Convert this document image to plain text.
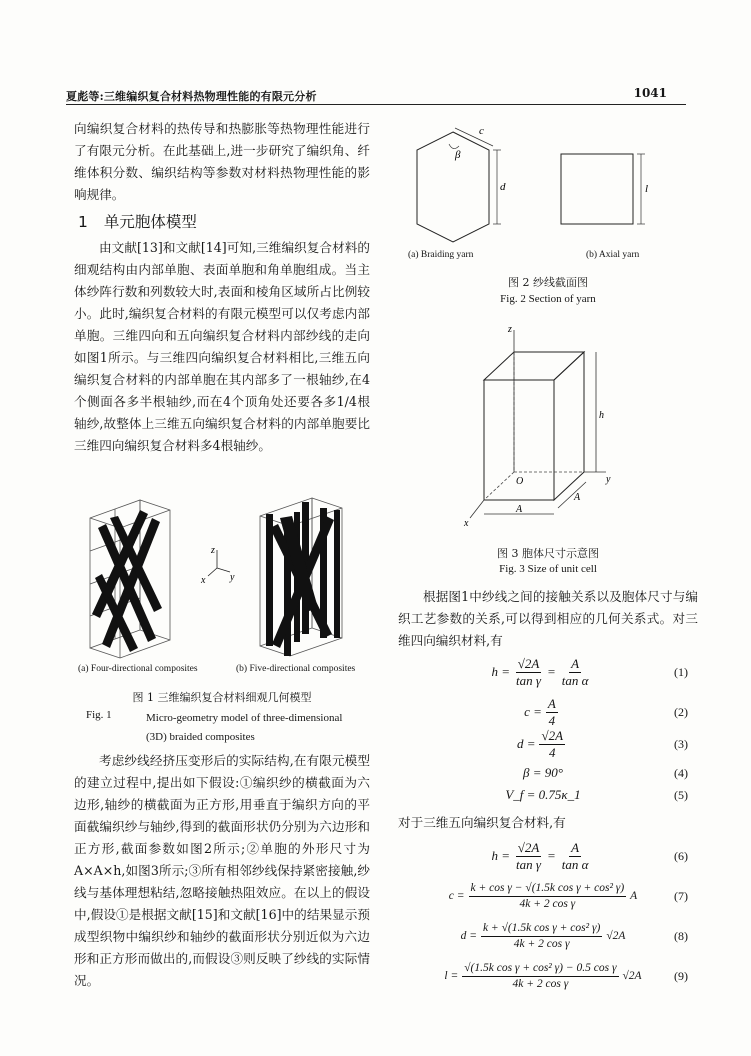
夏彪等:三维编织复合材料热物理性能的有限元分析	1041

向编织复合材料的热传导和热膨胀等热物理性能进行了有限元分析。在此基础上,进一步研究了编织角、纤维体积分数、编织结构等参数对材料热物理性能的影响规律。

1 单元胞体模型

由文献[13]和文献[14]可知,三维编织复合材料的细观结构由内部单胞、表面单胞和角单胞组成。当主体纱阵行数和列数较大时,表面和棱角区域所占比例较小。此时,编织复合材料的有限元模型可以仅考虑内部单胞。三维四向和五向编织复合材料内部纱线的走向如图1所示。与三维四向编织复合材料相比,三维五向编织复合材料的内部单胞在其内部多了一根轴纱,在4个侧面各多半根轴纱,而在4个顶角处还要各多1/4根轴纱,故整体上三维五向编织复合材料的内部单胞要比三维四向编织复合材料多4根轴纱。

z
x y
(a) Four-directional composites	(b) Five-directional composites
图 1 三维编织复合材料细观几何模型
Fig. 1	Micro-geometry model of three-dimensional (3D) braided composites

考虑纱线经挤压变形后的实际结构,在有限元模型的建立过程中,提出如下假设:①编织纱的横截面为六边形,轴纱的横截面为正方形,用垂直于编织方向的平面截编织纱与轴纱,得到的截面形状仍分别为六边形和正方形,截面参数如图2所示;②单胞的外形尺寸为A×A×h,如图3所示;③所有相邻纱线保持紧密接触,纱线与基体理想粘结,忽略接触热阻效应。在以上的假设中,假设①是根据文献[15]和文献[16]中的结果显示预成型织物中编织纱和轴纱的截面形状分别近似为六边形和正方形而做出的,而假设③则反映了纱线的实际情况。

c
β
d	l
(a) Braiding yarn	(b) Axial yarn
图 2 纱线截面图
Fig. 2 Section of yarn
z
y
x
O
h
A
A
图 3 胞体尺寸示意图
Fig. 3 Size of unit cell

根据图1中纱线之间的接触关系以及胞体尺寸与编织工艺参数的关系,可以得到相应的几何关系式。对三维四向编织材料,有

$h = \frac{√2A}{\text{tan γ}} = \frac{A}{\text{tan α}}$	(1)
$c = \frac{A}{4}$	(2)
$d = \frac{√2A}{4}$	(3)
β = 90°	(4)
V_f = 0.75κ_1	(5)

对于三维五向编织复合材料,有

$h = \frac{√2A}{\text{tan γ}} = \frac{A}{\text{tan α}}$	(6)
$c = \frac{\text{k + cos γ − √(1.5k cos γ + cos² γ)}}{\text{4k + 2 cos γ}}$ A	(7)
$d = \frac{\text{k + √(1.5k cos γ + cos² γ)}}{\text{4k + 2 cos γ}} √2A$	(8)
$l = \frac{\text{√(1.5k cos γ + cos² γ) − 0.5 cos γ}}{\text{4k + 2 cos γ}} √2A$	(9)
